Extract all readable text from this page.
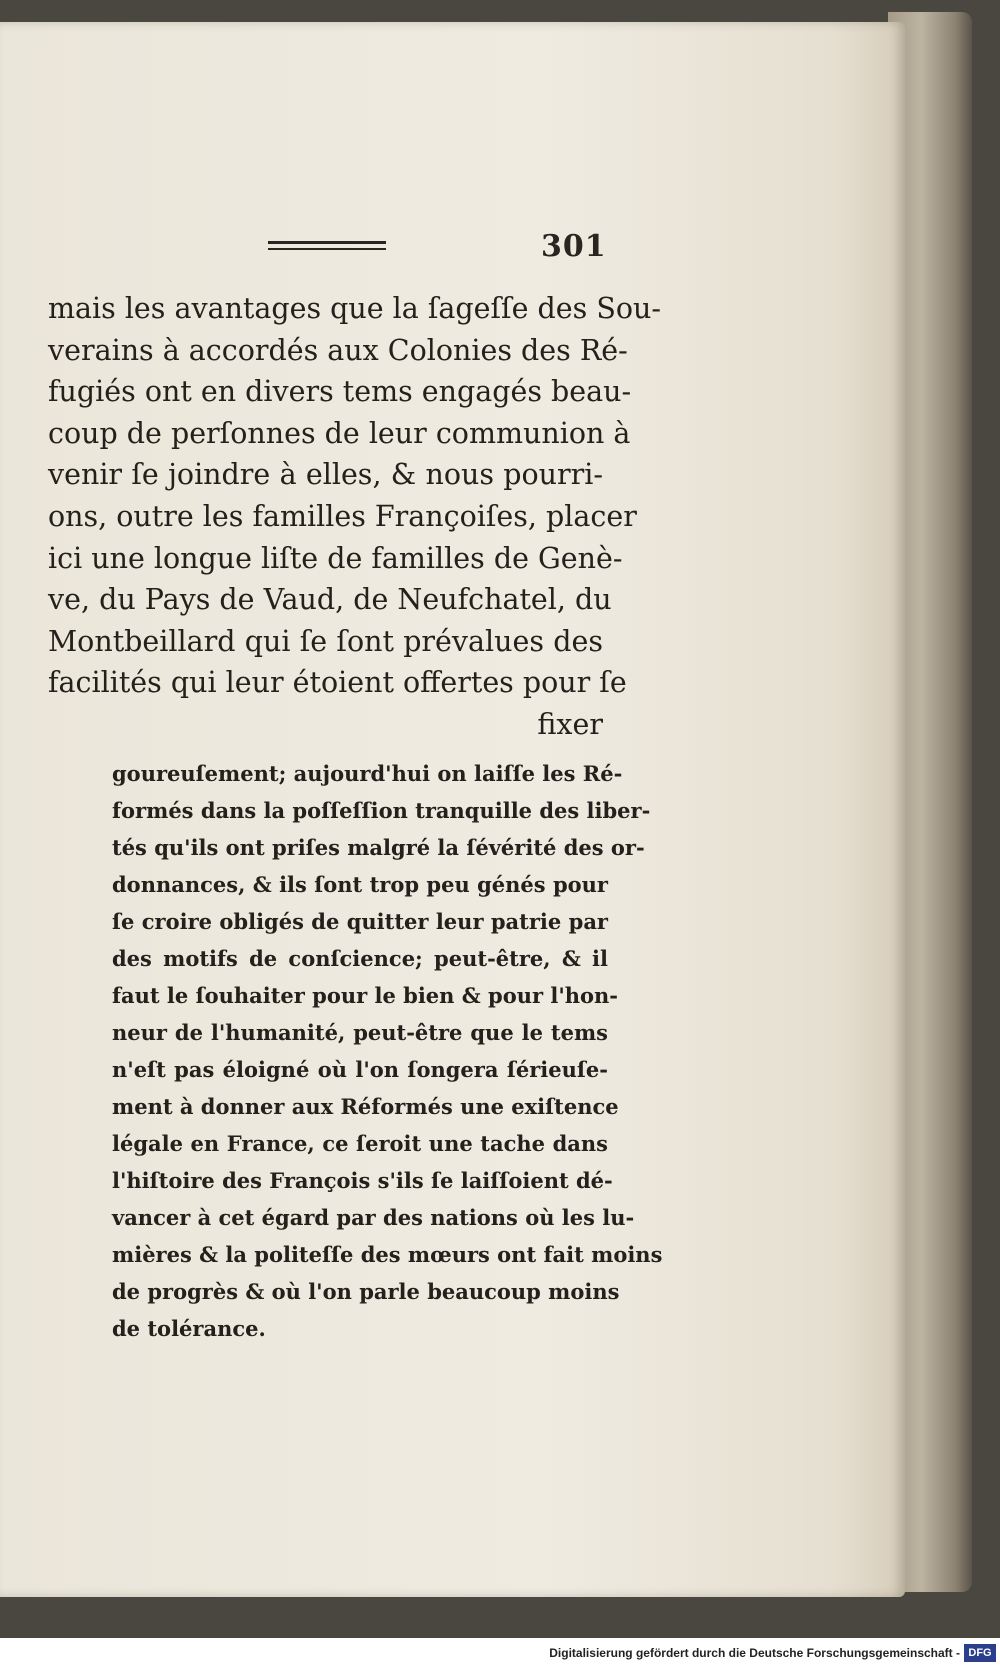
301
mais les avantages que la ſageſſe des Sou-
verains à accordés aux Colonies des Ré-
fugiés ont en divers tems engagés beau-
coup de perſonnes de leur communion à
venir ſe joindre à elles, & nous pourri-
ons, outre les familles Françoiſes, placer
ici une longue liſte de familles de Genè-
ve, du Pays de Vaud, de Neufchatel, du
Montbeillard qui ſe ſont prévalues des
facilités qui leur étoient offertes pour ſe
fixer
goureuſement; aujourd'hui on laiſſe les Ré-
formés dans la poſſeſſion tranquille des liber-
tés qu'ils ont priſes malgré la ſévérité des or-
donnances, & ils ſont trop peu génés pour
ſe croire obligés de quitter leur patrie par
des motifs de conſcience; peut-être, & il
faut le ſouhaiter pour le bien & pour l'hon-
neur de l'humanité, peut-être que le tems
n'eſt pas éloigné où l'on ſongera ſérieuſe-
ment à donner aux Réformés une exiſtence
légale en France, ce ſeroit une tache dans
l'hiſtoire des François s'ils ſe laiſſoient dé-
vancer à cet égard par des nations où les lu-
mières & la politeſſe des mœurs ont fait moins
de progrès & où l'on parle beaucoup moins
de tolérance.
Digitalisierung gefördert durch die Deutsche Forschungsgemeinschaft - DFG
